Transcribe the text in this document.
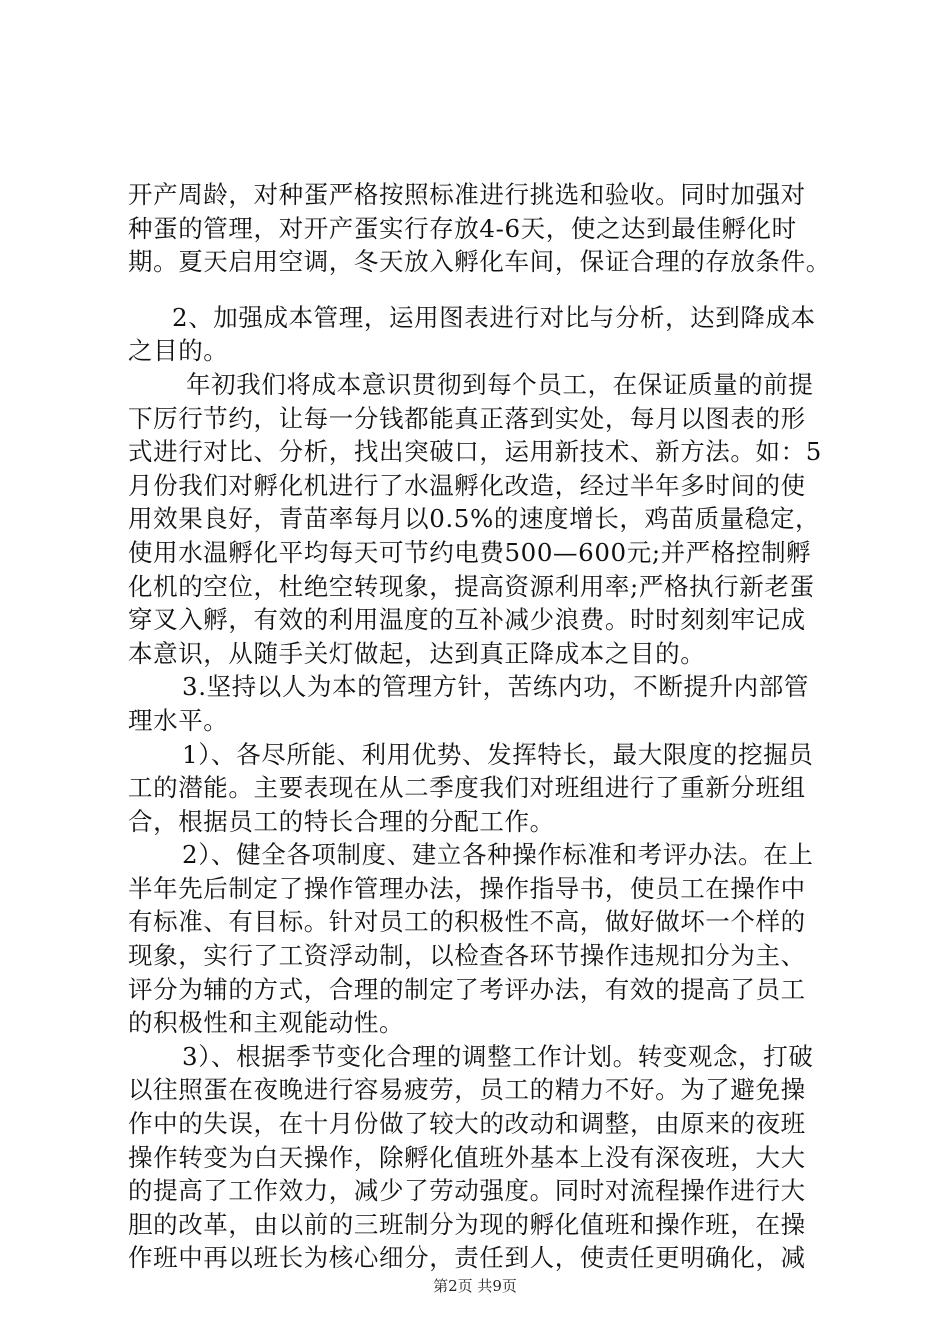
开产周龄，对种蛋严格按照标准进行挑选和验收。同时加强对
种蛋的管理，对开产蛋实行存放4-6天，使之达到最佳孵化时
期。夏天启用空调，冬天放入孵化车间，保证合理的存放条件。
2、加强成本管理，运用图表进行对比与分析，达到降成本
之目的。
年初我们将成本意识贯彻到每个员工，在保证质量的前提
下厉行节约，让每一分钱都能真正落到实处，每月以图表的形
式进行对比、分析，找出突破口，运用新技术、新方法。如：5
月份我们对孵化机进行了水温孵化改造，经过半年多时间的使
用效果良好，青苗率每月以0.5%的速度增长，鸡苗质量稳定，
使用水温孵化平均每天可节约电费500—600元;并严格控制孵
化机的空位，杜绝空转现象，提高资源利用率;严格执行新老蛋
穿叉入孵，有效的利用温度的互补减少浪费。时时刻刻牢记成
本意识，从随手关灯做起，达到真正降成本之目的。
3.坚持以人为本的管理方针，苦练内功，不断提升内部管
理水平。
1）、各尽所能、利用优势、发挥特长，最大限度的挖掘员
工的潜能。主要表现在从二季度我们对班组进行了重新分班组
合，根据员工的特长合理的分配工作。
2）、健全各项制度、建立各种操作标准和考评办法。在上
半年先后制定了操作管理办法，操作指导书，使员工在操作中
有标准、有目标。针对员工的积极性不高，做好做坏一个样的
现象，实行了工资浮动制，以检查各环节操作违规扣分为主、
评分为辅的方式，合理的制定了考评办法，有效的提高了员工
的积极性和主观能动性。
3）、根据季节变化合理的调整工作计划。转变观念，打破
以往照蛋在夜晚进行容易疲劳，员工的精力不好。为了避免操
作中的失误，在十月份做了较大的改动和调整，由原来的夜班
操作转变为白天操作，除孵化值班外基本上没有深夜班，大大
的提高了工作效力，减少了劳动强度。同时对流程操作进行大
胆的改革，由以前的三班制分为现的孵化值班和操作班，在操
作班中再以班长为核心细分，责任到人，使责任更明确化，减
第2页 共9页
